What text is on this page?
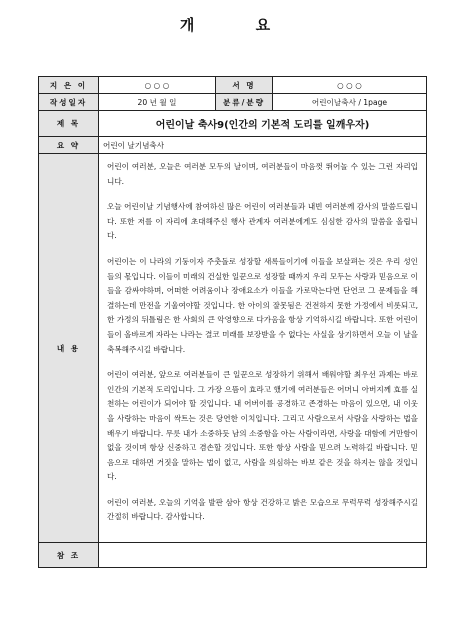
개 요
지 은 이	○ ○ ○	서 명	○ ○ ○
작성일자	20 년 월 일	분류/분량	어린이날축사 / 1page
제 목	어린이날 축사9(인간의 기본적 도리를 일깨우자)		
요 약	어린이 날기념축사		
내 용	어린이 여러분, 오늘은 여러분 모두의 날이며, 여러분들이 마음껏 뛰어놀 수 있는 그런 자리입니다.

오늘 어린이날 기념행사에 참여하신 많은 어린이 여러분들과 내빈 여러분께 감사의 말씀드립니다. 또한 저를 이 자리에 초대해주신 행사 관계자 여러분에게도 심심한 감사의 말씀을 올립니다.

어린이는 이 나라의 기둥이자 주춧돌로 성장할 새록들이기에 이들을 보살펴는 것은 우리 성인들의 몫입니다. 이들이 미래의 건실한 일꾼으로 성장할 때까지 우리 모두는 사랑과 믿음으로 이들을 감싸야하며, 어떠한 어려움이나 장애요소가 이들을 가로막는다면 단연코 그 문제들을 해결하는데 만전을 기울여야할 것입니다. 한 아이의 잘못됨은 건전하지 못한 가정에서 비롯되고, 한 가정의 뒤틀림은 한 사회의 큰 악영향으로 다가옴을 항상 기억하시길 바랍니다. 또한 어린이들이 올바르게 자라는 나라는 결코 미래를 보장받을 수 없다는 사실을 상기하면서 오늘 이 날을 축복해주시길 바랍니다.

어린이 여러분, 앞으로 여러분들이 큰 일꾼으로 성장하기 위해서 배워야할 최우선 과제는 바로 인간의 기본적 도리입니다. 그 가장 으뜸이 효라고 했기에 여러분들은 어머니 아버지께 효를 실천하는 어린이가 되어야 할 것입니다. 내 어버이를 공경하고 존경하는 마음이 있으면, 내 이웃을 사랑하는 마음이 싹트는 것은 당연한 이치입니다. 그리고 사람으로서 사람을 사랑하는 법을 배우기 바랍니다. 무릇 내가 소중하듯 남의 소중함을 아는 사람이라면, 사랑을 대함에 거만함이 없을 것이며 항상 신중하고 겸손할 것입니다. 또한 항상 사람을 믿으려 노력하길 바랍니다. 믿음으로 대하면 거짓을 말하는 법이 없고, 사람을 의심하는 바보 같은 것을 하지는 않을 것입니다.

어린이 여러분, 오늘의 기억을 발판 삼아 항상 건강하고 밝은 모습으로 무럭무럭 성장해주시길 간절히 바랍니다. 감사합니다.		

참 조			
